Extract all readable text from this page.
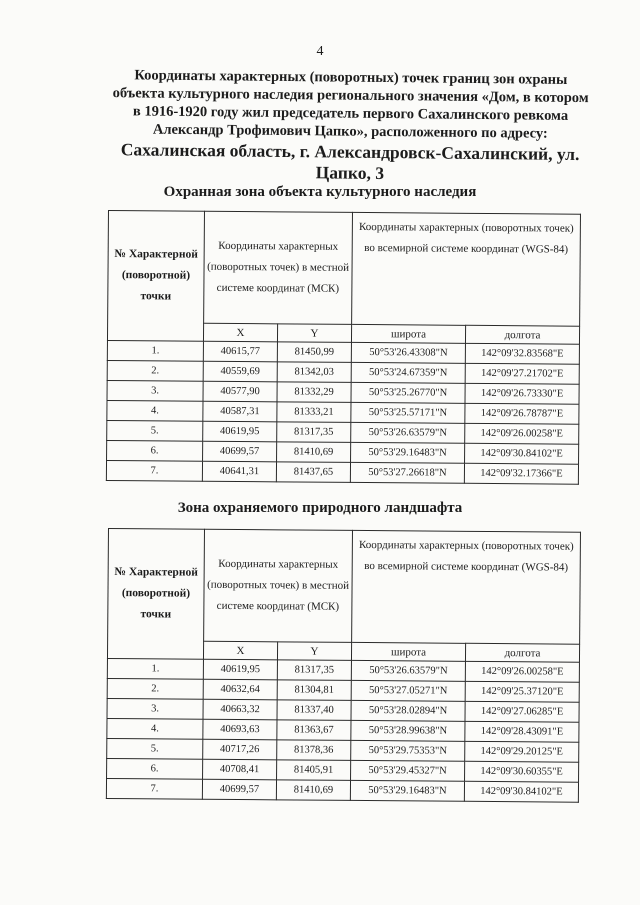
4
Координаты характерных (поворотных) точек границ зон охраны
объекта культурного наследия регионального значения «Дом, в котором
в 1916-1920 году жил председатель первого Сахалинского ревкома
Александр Трофимович Цапко», расположенного по адресу:
Сахалинская область, г. Александровск-Сахалинский, ул. Цапко, 3
Охранная зона объекта культурного наследия
№ Характерной (поворотной) точки	Координаты характерных (поворотных точек) в местной системе координат (МСК)		Координаты характерных (поворотных точек) во всемирной системе координат (WGS-84)	
	X	Y	широта	долгота
1.	40615,77	81450,99	50°53'26.43308"N	142°09'32.83568"E
2.	40559,69	81342,03	50°53'24.67359"N	142°09'27.21702"E
3.	40577,90	81332,29	50°53'25.26770"N	142°09'26.73330"E
4.	40587,31	81333,21	50°53'25.57171"N	142°09'26.78787"E
5.	40619,95	81317,35	50°53'26.63579"N	142°09'26.00258"E
6.	40699,57	81410,69	50°53'29.16483"N	142°09'30.84102"E
7.	40641,31	81437,65	50°53'27.26618"N	142°09'32.17366"E
Зона охраняемого природного ландшафта
№ Характерной (поворотной) точки	Координаты характерных (поворотных точек) в местной системе координат (МСК)		Координаты характерных (поворотных точек) во всемирной системе координат (WGS-84)	
	X	Y	широта	долгота
1.	40619,95	81317,35	50°53'26.63579"N	142°09'26.00258"E
2.	40632,64	81304,81	50°53'27.05271"N	142°09'25.37120"E
3.	40663,32	81337,40	50°53'28.02894"N	142°09'27.06285"E
4.	40693,63	81363,67	50°53'28.99638"N	142°09'28.43091"E
5.	40717,26	81378,36	50°53'29.75353"N	142°09'29.20125"E
6.	40708,41	81405,91	50°53'29.45327"N	142°09'30.60355"E
7.	40699,57	81410,69	50°53'29.16483"N	142°09'30.84102"E
